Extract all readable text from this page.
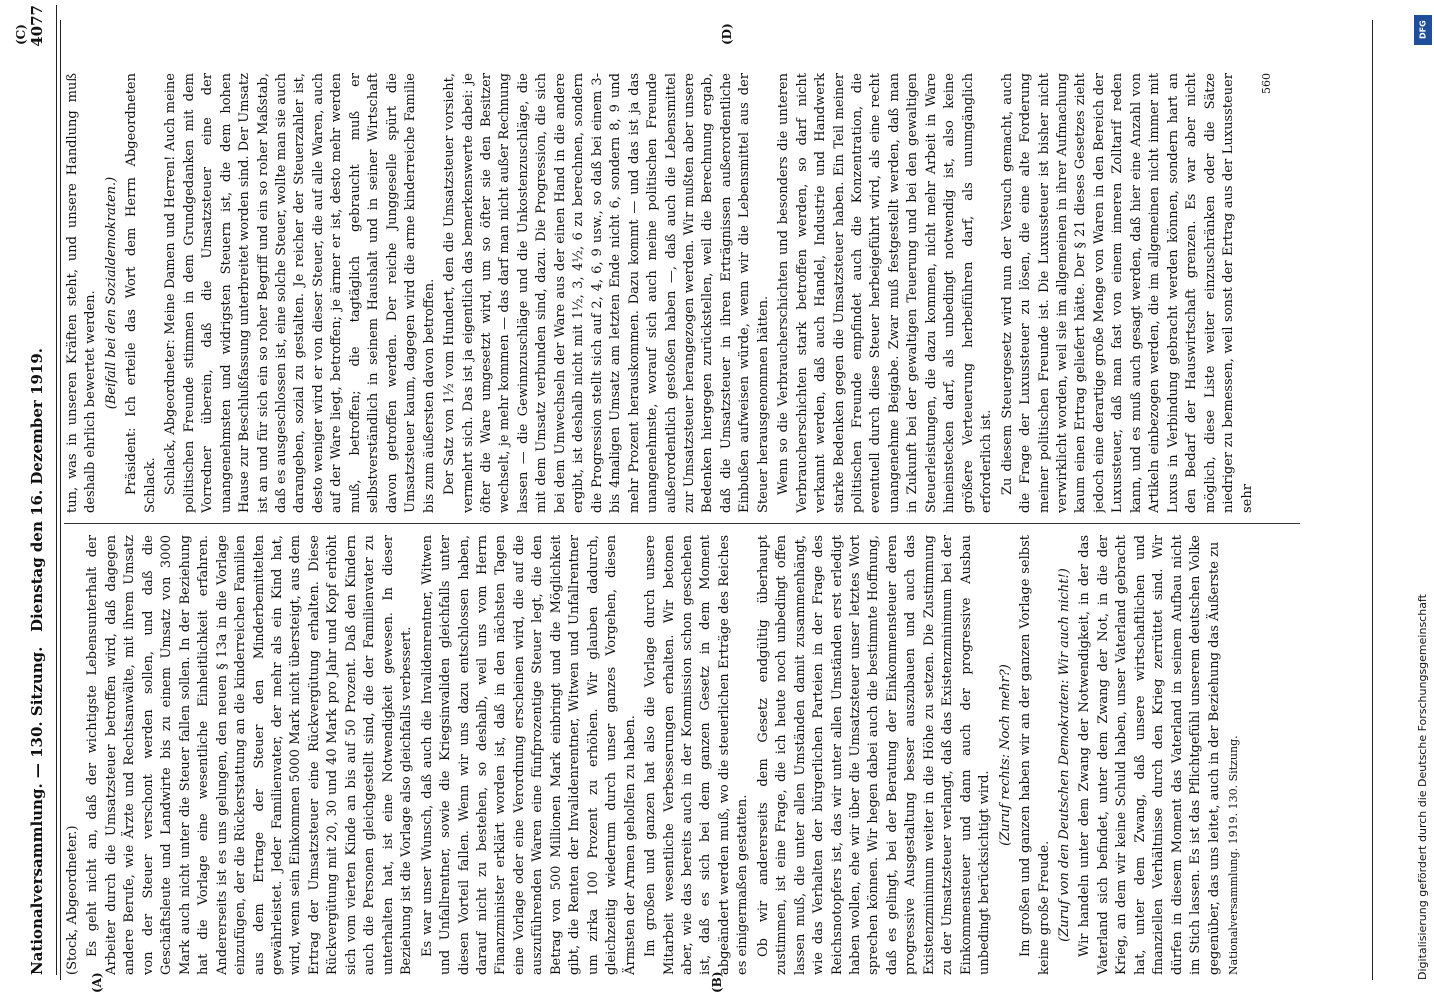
Nationalversammlung. — 130. Sitzung.
Dienstag den 16. Dezember 1919.
4077
(A)	(B)
(C)	(D)

(Stock, Abgeordneter.) Es geht nicht an, daß der wichtigste Lebensunterhalt der Arbeiter durch die Umsatzsteuer betroffen wird, daß dagegen andere Berufe, wie Ärzte und Rechtsanwälte, mit ihrem Umsatz von der Steuer verschont werden sollen, und daß die Geschäftsleute und Landwirte bis zu einem Umsatz von 3000 Mark auch nicht unter die Steuer fallen sollen. In der Beziehung hat die Vorlage eine wesentliche Einheitlichkeit erfahren. Andererseits ist es uns gelungen, den neuen § 13a in die Vorlage einzufügen, der die Rückerstattung an die kinderreichen Familien aus dem Ertrage der Steuer den Minderbemittelten gewährleistet. Jeder Familienvater, der mehr als ein Kind hat, wird, wenn sein Einkommen 5000 Mark nicht übersteigt, aus dem Ertrag der Umsatzsteuer eine Rückvergütung erhalten. Diese Rückvergütung mit 20, 30 und 40 Mark pro Jahr und Kopf erhöht sich vom vierten Kinde an bis auf 50 Prozent. Daß den Kindern auch die Personen gleichgestellt sind, die der Familienvater zu unterhalten hat, ist eine Notwendigkeit gewesen. In dieser Beziehung ist die Vorlage also gleichfalls verbessert. Es war unser Wunsch, daß auch die Invalidenrentner, Witwen und Unfallrentner, sowie die Kriegsinvaliden gleichfalls unter diesen Vorteil fallen. Wenn wir uns dazu entschlossen haben, darauf nicht zu bestehen, so deshalb, weil uns vom Herrn Finanzminister erklärt worden ist, daß in den nächsten Tagen eine Vorlage oder eine Verordnung erscheinen wird, die auf die auszuführenden Waren eine fünfprozentige Steuer legt, die den Betrag von 500 Millionen Mark einbringt und die Möglichkeit gibt, die Renten der Invalidenrentner, Witwen und Unfallrentner um zirka 100 Prozent zu erhöhen. Wir glauben dadurch, gleichzeitig wiederum durch unser ganzes Vorgehen, diesen Ärmsten der Armen geholfen zu haben. Im großen und ganzen hat also die Vorlage durch unsere Mitarbeit wesentliche Verbesserungen erhalten. Wir betonen aber, wie das bereits auch in der Kommission schon geschehen ist, daß es sich bei dem ganzen Gesetz in dem Moment abgeändert werden muß, wo die steuerlichen Erträge des Reiches es einigermaßen gestatten. Ob wir andererseits dem Gesetz endgültig überhaupt zustimmen, ist eine Frage, die ich heute noch unbedingt offen lassen muß, die unter allen Umständen damit zusammenhängt, wie das Verhalten der bürgerlichen Parteien in der Frage des Reichsnotopfers ist, das wir unter allen Umständen erst erledigt haben wollen, ehe wir über die Umsatzsteuer unser letztes Wort sprechen können. Wir hegen dabei auch die bestimmte Hoffnung, daß es gelingt, bei der Beratung der Einkommensteuer deren progressive Ausgestaltung besser auszubauen und auch das Existenzminimum weiter in die Höhe zu setzen. Die Zustimmung zu der Umsatzsteuer verlangt, daß das Existenzminimum bei der Einkommensteuer und dann auch der progressive Ausbau unbedingt berücksichtigt wird.

(Zuruf rechts: Noch mehr?) Im großen und ganzen haben wir an der ganzen Vorlage selbst keine große Freude. (Zuruf von den Deutschen Demokraten: Wir auch nicht!) Wir handeln unter dem Zwang der Notwendigkeit, in der das Vaterland sich befindet, unter dem Zwang der Not, in die der Krieg, an dem wir keine Schuld haben, unser Vaterland gebracht hat, unter dem Zwang, daß unsere wirtschaftlichen und finanziellen Verhältnisse durch den Krieg zerrüttet sind. Wir dürfen in diesem Moment das Vaterland in seinem Aufbau nicht im Stich lassen. Es ist das Pflichtgefühl unserem deutschen Volke gegenüber, das uns leitet, auch in der Beziehung das Äußerste zu Nationalversammlung. 1919. 130. Sitzung.

tun, was in unseren Kräften steht, und unsere Handlung muß deshalb ehrlich bewertet werden. (Beifall bei den Sozialdemokraten.) Präsident: Ich erteile das Wort dem Herrn Abgeordneten Schlack. Schlack, Abgeordneter: Meine Damen und Herren! Auch meine politischen Freunde stimmen in dem Grundgedanken mit dem Vorredner überein, daß die Umsatzsteuer eine der unangenehmsten und widrigsten Steuern ist, die dem hohen Hause zur Beschlußfassung unterbreitet worden sind. Der Umsatz ist an und für sich ein so roher Begriff und ein so roher Maßstab, daß es ausgeschlossen ist, eine solche Steuer, wollte man sie auch darangeben, sozial zu gestalten. Je reicher der Steuerzahler ist, desto weniger wird er von dieser Steuer, die auf alle Waren, auch auf der Ware liegt, betroffen; je ärmer er ist, desto mehr werden muß, betroffen; die tagtäglich gebraucht muß er selbstverständlich in seinem Haushalt und in seiner Wirtschaft davon getroffen werden. Der reiche Junggeselle spürt die Umsatzsteuer kaum, dagegen wird die arme kinderreiche Familie bis zum äußersten davon betroffen. Der Satz von 1½ vom Hundert, den die Umsatzsteuer vorsieht, vermehrt sich. Das ist ja eigentlich das bemerkenswerte dabei: je öfter die Ware umgesetzt wird, um so öfter sie den Besitzer wechselt, je mehr kommen — das darf man nicht außer Rechnung lassen — die Gewinnzuschläge und die Unkostenzuschläge, die mit dem Umsatz verbunden sind, dazu. Die Progression, die sich bei dem Umwechseln der Ware aus der einen Hand in die andere ergibt, ist deshalb nicht mit 1½, 3, 4½, 6 zu berechnen, sondern die Progression stellt sich auf 2, 4, 6, 9 usw., so daß bei einem 3- bis 4maligen Umsatz am letzten Ende nicht 6, sondern 8, 9 und mehr Prozent herauskommen. Dazu kommt — und das ist ja das unangenehmste, worauf sich auch meine politischen Freunde außerordentlich gestoßen haben —, daß auch die Lebensmittel zur Umsatzsteuer herangezogen werden. Wir mußten aber unsere Bedenken hiergegen zurückstellen, weil die Berechnung ergab, daß die Umsatzsteuer in ihren Erträgnissen außerordentliche Einbußen aufweisen würde, wenn wir die Lebensmittel aus der Steuer herausgenommen hätten. Wenn so die Verbraucherschichten und besonders die unteren Verbraucherschichten stark betroffen werden, so darf nicht verkannt werden, daß auch Handel, Industrie und Handwerk starke Bedenken gegen die Umsatzsteuer haben. Ein Teil meiner politischen Freunde empfindet auch die Konzentration, die eventuell durch diese Steuer herbeigeführt wird, als eine recht unangenehme Beigabe. Zwar muß festgestellt werden, daß man in Zukunft bei der gewaltigen Teuerung und bei den gewaltigen Steuerleistungen, die dazu kommen, nicht mehr Arbeit in Ware hineinstecken darf, als unbedingt notwendig ist, also keine größere Verteuerung herbeiführen darf, als unumgänglich erforderlich ist. Zu diesem Steuergesetz wird nun der Versuch gemacht, auch die Frage der Luxussteuer zu lösen, die eine alte Forderung meiner politischen Freunde ist. Die Luxussteuer ist bisher nicht verwirklicht worden, weil sie im allgemeinen in ihrer Aufmachung kaum einen Ertrag geliefert hätte. Der § 21 dieses Gesetzes zieht jedoch eine derartige große Menge von Waren in den Bereich der Luxussteuer, daß man fast von einem inneren Zolltarif reden kann, und es muß auch gesagt werden, daß hier eine Anzahl von Artikeln einbezogen werden, die im allgemeinen nicht immer mit Luxus in Verbindung gebracht werden können, sondern hart an den Bedarf der Hauswirtschaft grenzen. Es war aber nicht möglich, diese Liste weiter einzuschränken oder die Sätze niedriger zu bemessen, weil sonst der Ertrag aus der Luxussteuer sehr

560

Digitalisierung gefördert durch die Deutsche Forschungsgemeinschaft
DFG
